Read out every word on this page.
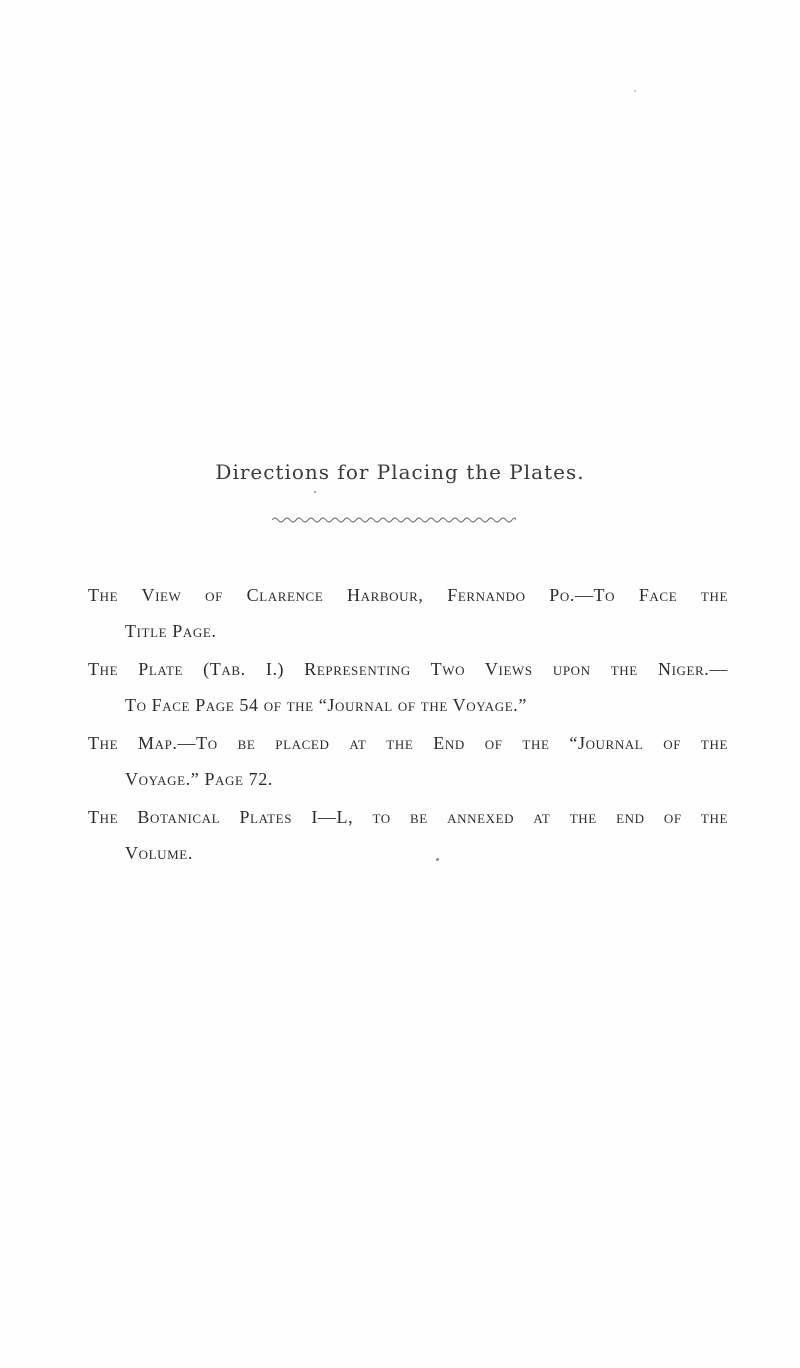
Directions for Placing the Plates.
The View of Clarence Harbour, Fernando Po.—To Face the
Title Page.
The Plate (Tab. I.) Representing Two Views upon the Niger.—
To Face Page 54 of the “Journal of the Voyage.”
The Map.—To be placed at the End of the “Journal of the
Voyage.” Page 72.
The Botanical Plates I—L, to be annexed at the end of the
Volume.
